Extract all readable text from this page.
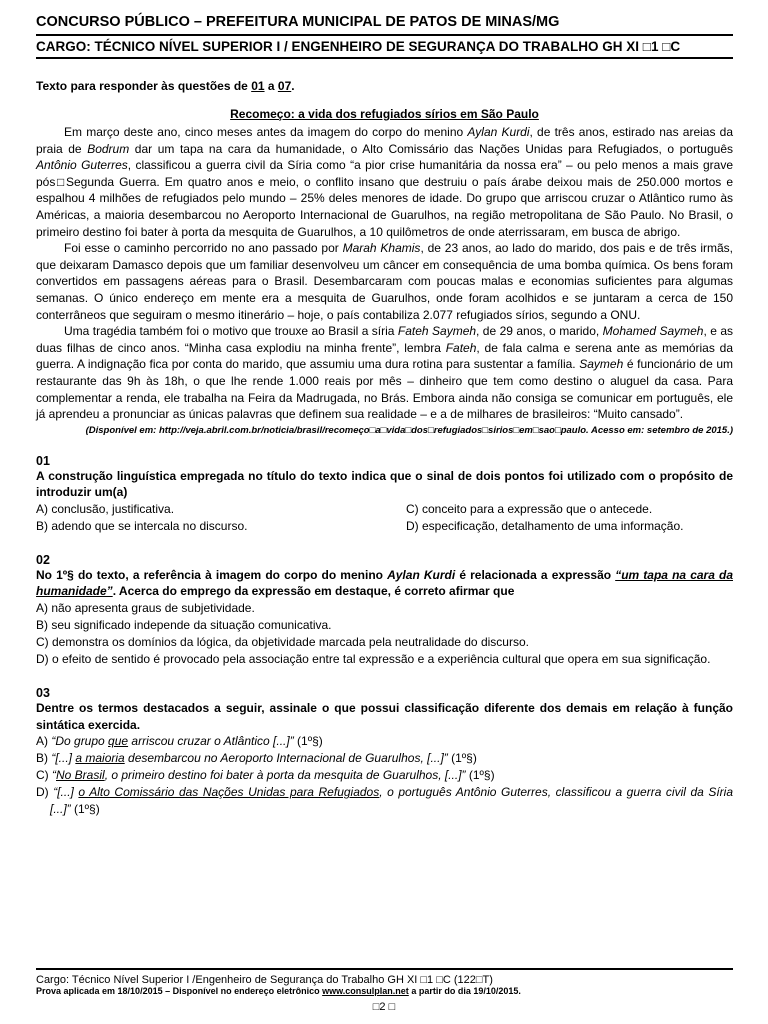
CONCURSO PÚBLICO – PREFEITURA MUNICIPAL DE PATOS DE MINAS/MG
CARGO: TÉCNICO NÍVEL SUPERIOR I / ENGENHEIRO DE SEGURANÇA DO TRABALHO GH XI □1 □C
Texto para responder às questões de 01 a 07.
Recomeço: a vida dos refugiados sírios em São Paulo

Em março deste ano, cinco meses antes da imagem do corpo do menino Aylan Kurdi, de três anos, estirado nas areias da praia de Bodrum dar um tapa na cara da humanidade, o Alto Comissário das Nações Unidas para Refugiados, o português Antônio Guterres, classificou a guerra civil da Síria como “a pior crise humanitária da nossa era” – ou pelo menos a mais grave pós□Segunda Guerra. Em quatro anos e meio, o conflito insano que destruiu o país árabe deixou mais de 250.000 mortos e espalhou 4 milhões de refugiados pelo mundo – 25% deles menores de idade. Do grupo que arriscou cruzar o Atlântico rumo às Américas, a maioria desembarcou no Aeroporto Internacional de Guarulhos, na região metropolitana de São Paulo. No Brasil, o primeiro destino foi bater à porta da mesquita de Guarulhos, a 10 quilômetros de onde aterrissaram, em busca de abrigo.

Foi esse o caminho percorrido no ano passado por Marah Khamis, de 23 anos, ao lado do marido, dos pais e de três irmãs, que deixaram Damasco depois que um familiar desenvolveu um câncer em consequência de uma bomba química. Os bens foram convertidos em passagens aéreas para o Brasil. Desembarcaram com poucas malas e economias suficientes para algumas semanas. O único endereço em mente era a mesquita de Guarulhos, onde foram acolhidos e se juntaram a cerca de 150 conterrâneos que seguiram o mesmo itinerário – hoje, o país contabiliza 2.077 refugiados sírios, segundo a ONU.

Uma tragédia também foi o motivo que trouxe ao Brasil a síria Fateh Saymeh, de 29 anos, o marido, Mohamed Saymeh, e as duas filhas de cinco anos. “Minha casa explodiu na minha frente”, lembra Fateh, de fala calma e serena ante as memórias da guerra. A indignação fica por conta do marido, que assumiu uma dura rotina para sustentar a família. Saymeh é funcionário de um restaurante das 9h às 18h, o que lhe rende 1.000 reais por mês – dinheiro que tem como destino o aluguel da casa. Para complementar a renda, ele trabalha na Feira da Madrugada, no Brás. Embora ainda não consiga se comunicar em português, ele já aprendeu a pronunciar as únicas palavras que definem sua realidade – e a de milhares de brasileiros: “Muito cansado”.

(Disponível em: http://veja.abril.com.br/noticia/brasil/recomeço□a□vida□dos□refugiados□sirios□em□sao□paulo. Acesso em: setembro de 2015.)
01
A construção linguística empregada no título do texto indica que o sinal de dois pontos foi utilizado com o propósito de introduzir um(a)
A) conclusão, justificativa.	C) conceito para a expressão que o antecede.
B) adendo que se intercala no discurso.	D) especificação, detalhamento de uma informação.
02
No 1º§ do texto, a referência à imagem do corpo do menino Aylan Kurdi é relacionada a expressão “um tapa na cara da humanidade”. Acerca do emprego da expressão em destaque, é correto afirmar que
A) não apresenta graus de subjetividade.
B) seu significado independe da situação comunicativa.
C) demonstra os domínios da lógica, da objetividade marcada pela neutralidade do discurso.
D) o efeito de sentido é provocado pela associação entre tal expressão e a experiência cultural que opera em sua significação.
03
Dentre os termos destacados a seguir, assinale o que possui classificação diferente dos demais em relação à função sintática exercida.
A) “Do grupo que arriscou cruzar o Atlântico [...]” (1º§)
B) “[...] a maioria desembarcou no Aeroporto Internacional de Guarulhos, [...]” (1º§)
C) “No Brasil, o primeiro destino foi bater à porta da mesquita de Guarulhos, [...]” (1º§)
D) “[...] o Alto Comissário das Nações Unidas para Refugiados, o português Antônio Guterres, classificou a guerra civil da Síria [...]” (1º§)
Cargo: Técnico Nível Superior I /Engenheiro de Segurança do Trabalho GH XI □1 □C (122□T)
Prova aplicada em 18/10/2015 – Disponível no endereço eletrônico www.consulplan.net a partir do dia 19/10/2015.
□2 □
